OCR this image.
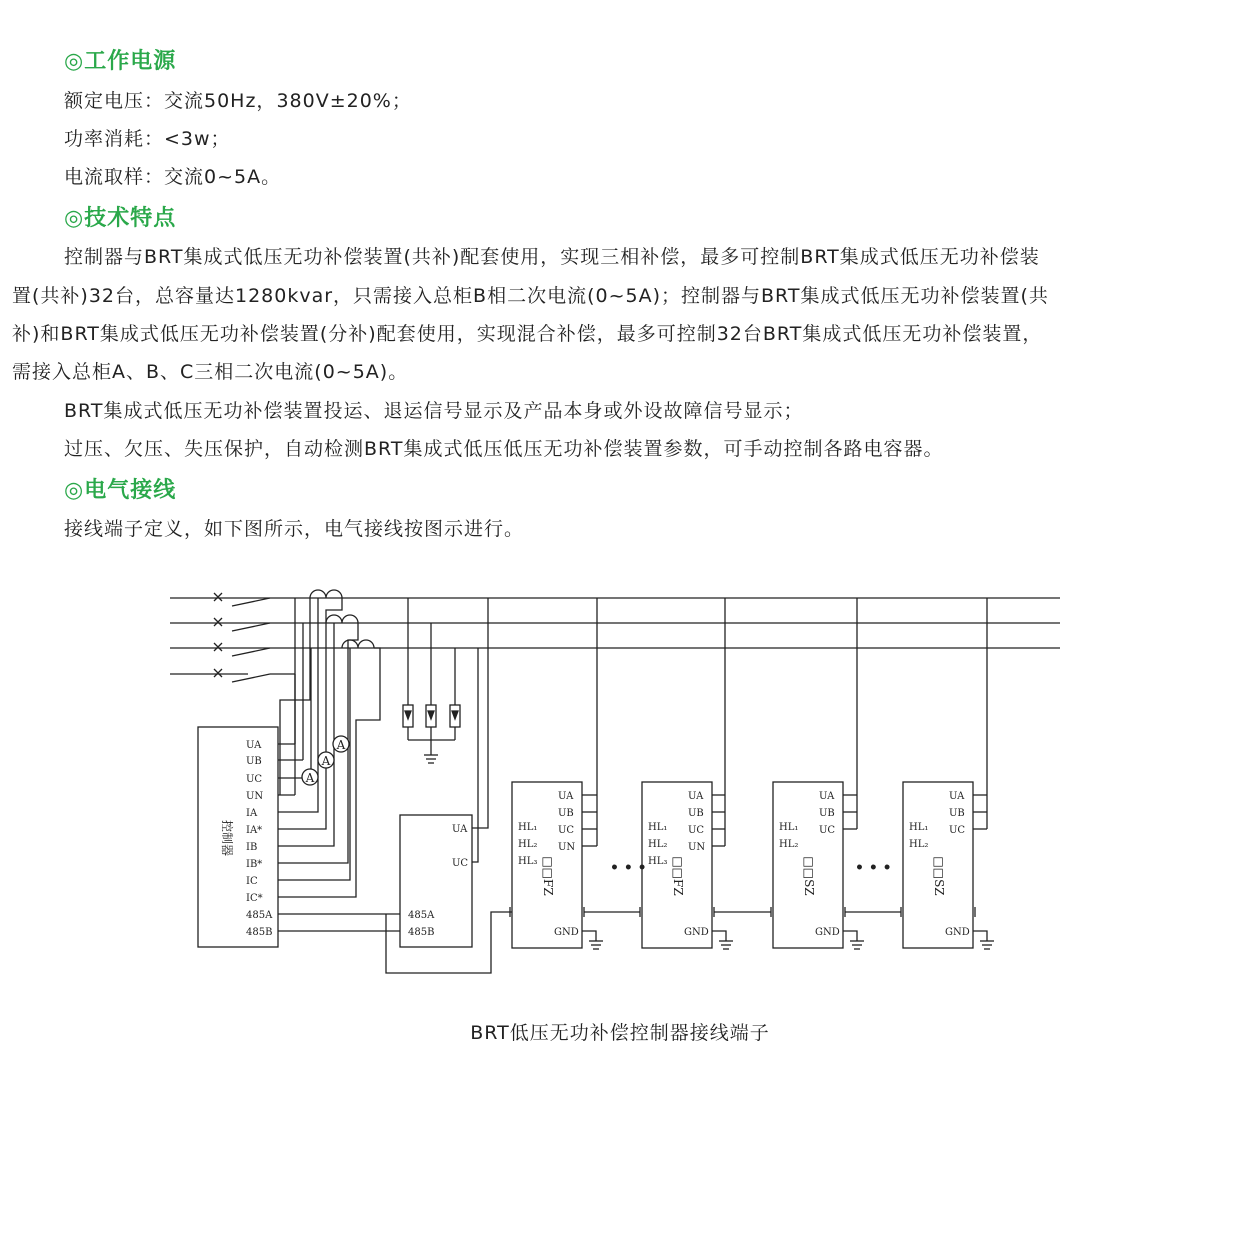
◎工作电源
额定电压：交流50Hz，380V±20%；
功率消耗：<3w；
电流取样：交流0~5A。
◎技术特点
控制器与BRT集成式低压无功补偿装置(共补)配套使用，实现三相补偿，最多可控制BRT集成式低压无功补偿装
置(共补)32台，总容量达1280kvar，只需接入总柜B相二次电流(0~5A)；控制器与BRT集成式低压无功补偿装置(共
补)和BRT集成式低压无功补偿装置(分补)配套使用，实现混合补偿，最多可控制32台BRT集成式低压无功补偿装置，
需接入总柜A、B、C三相二次电流(0~5A)。
BRT集成式低压无功补偿装置投运、退运信号显示及产品本身或外设故障信号显示；
过压、欠压、失压保护，自动检测BRT集成式低压低压无功补偿装置参数，可手动控制各路电容器。
◎电气接线
接线端子定义，如下图所示，电气接线按图示进行。
A
A
A
控制器
UA
UB
UC
UN
IA
IA*
IB
IB*
IC
IC*
485A
485B
UA
UC
485A
485B
UA
UB
UC
UN
HL₁
HL₂
HL₃ □□FZ
GND
UA
UB
UC
UN
HL₁
HL₂
HL₃ □□FZ
GND
UA
UB
UC
HL₁
HL₂
□□SZ
GND
UA
UB
UC
HL₁
HL₂
□□SZ
GND
• • •	• • •
BRT低压无功补偿控制器接线端子
